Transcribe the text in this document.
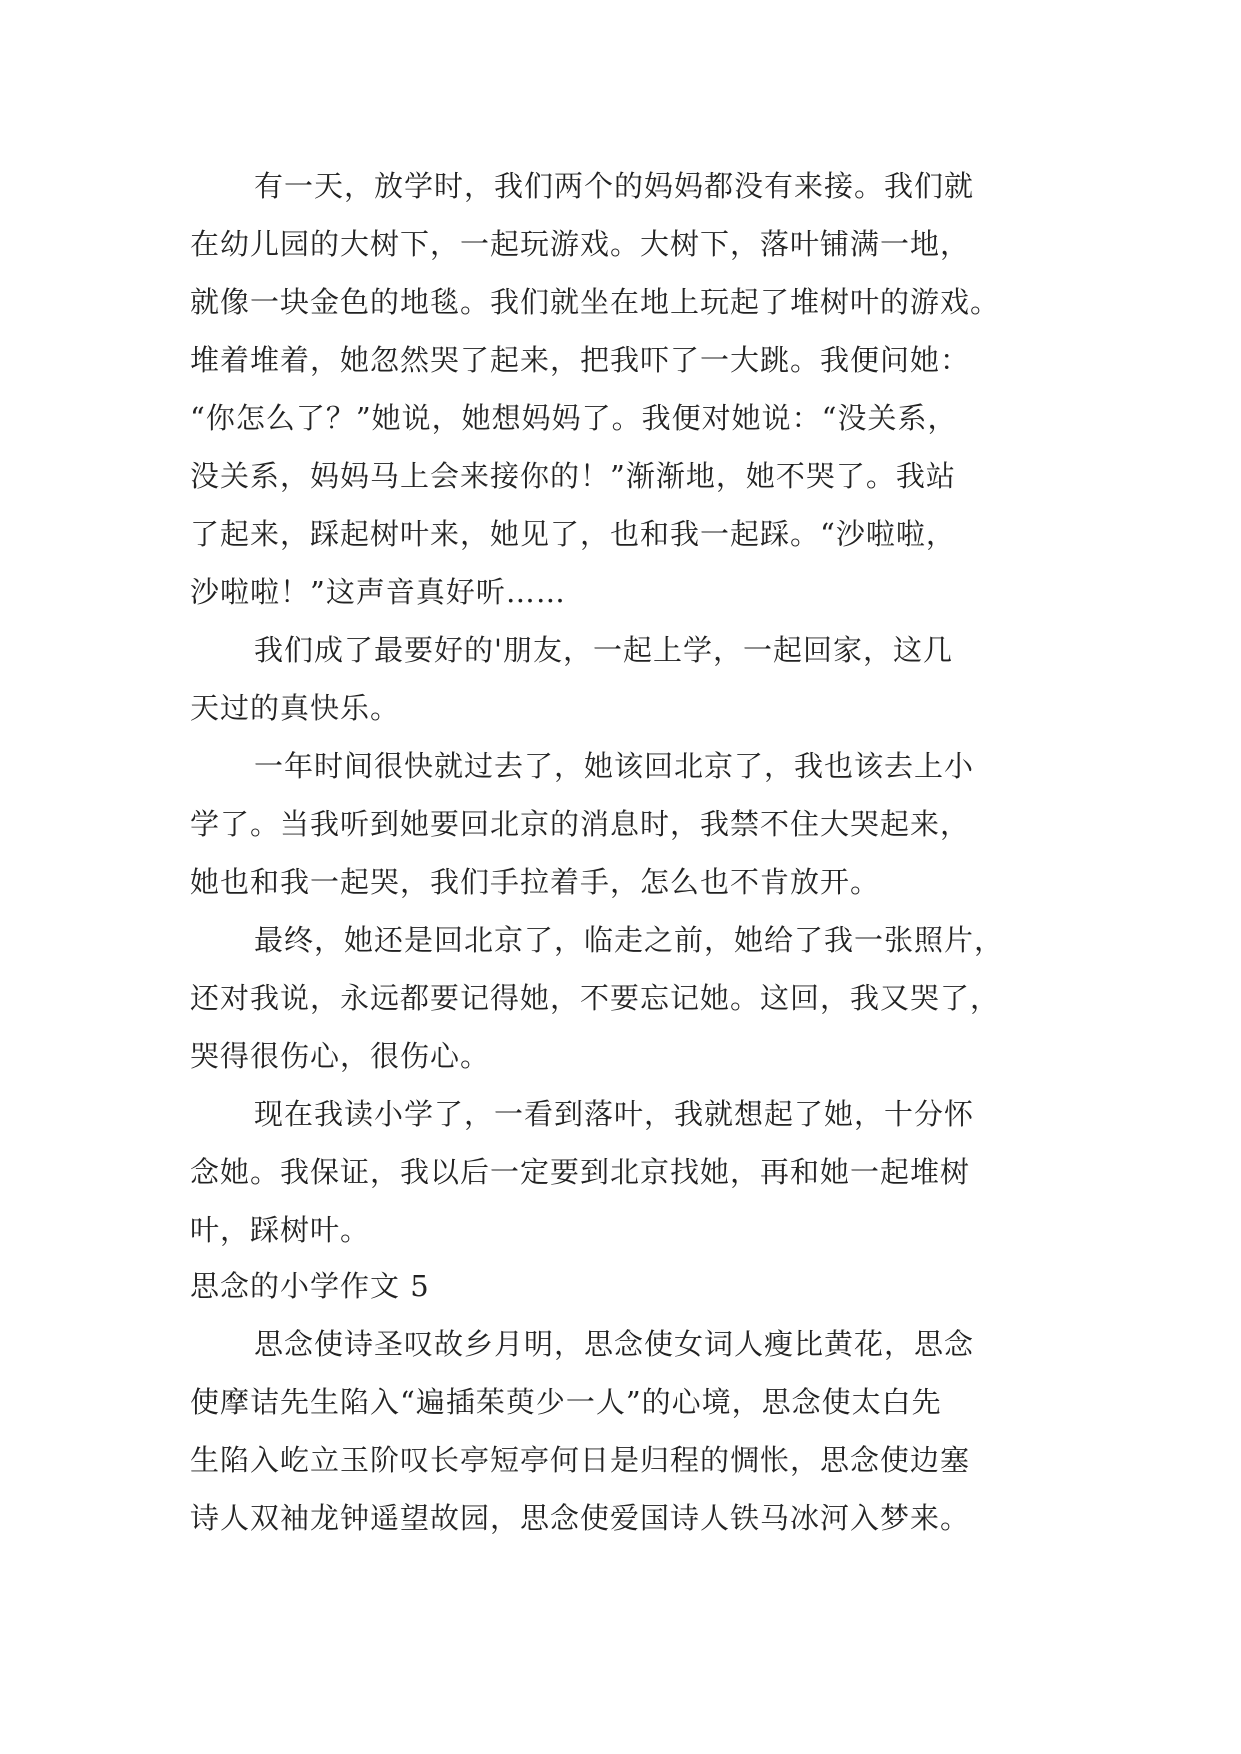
有一天，放学时，我们两个的妈妈都没有来接。我们就
在幼儿园的大树下，一起玩游戏。大树下，落叶铺满一地，
就像一块金色的地毯。我们就坐在地上玩起了堆树叶的游戏。
堆着堆着，她忽然哭了起来，把我吓了一大跳。我便问她：
“你怎么了？”她说，她想妈妈了。我便对她说：“没关系，
没关系，妈妈马上会来接你的！”渐渐地，她不哭了。我站
了起来，踩起树叶来，她见了，也和我一起踩。“沙啦啦，
沙啦啦！”这声音真好听……
我们成了最要好的'朋友，一起上学，一起回家，这几
天过的真快乐。
一年时间很快就过去了，她该回北京了，我也该去上小
学了。当我听到她要回北京的消息时，我禁不住大哭起来，
她也和我一起哭，我们手拉着手，怎么也不肯放开。
最终，她还是回北京了，临走之前，她给了我一张照片，
还对我说，永远都要记得她，不要忘记她。这回，我又哭了，
哭得很伤心，很伤心。
现在我读小学了，一看到落叶，我就想起了她，十分怀
念她。我保证，我以后一定要到北京找她，再和她一起堆树
叶，踩树叶。
思念的小学作文 5
思念使诗圣叹故乡月明，思念使女词人瘦比黄花，思念
使摩诘先生陷入“遍插茱萸少一人”的心境，思念使太白先
生陷入屹立玉阶叹长亭短亭何日是归程的惆怅，思念使边塞
诗人双袖龙钟遥望故园，思念使爱国诗人铁马冰河入梦来。
